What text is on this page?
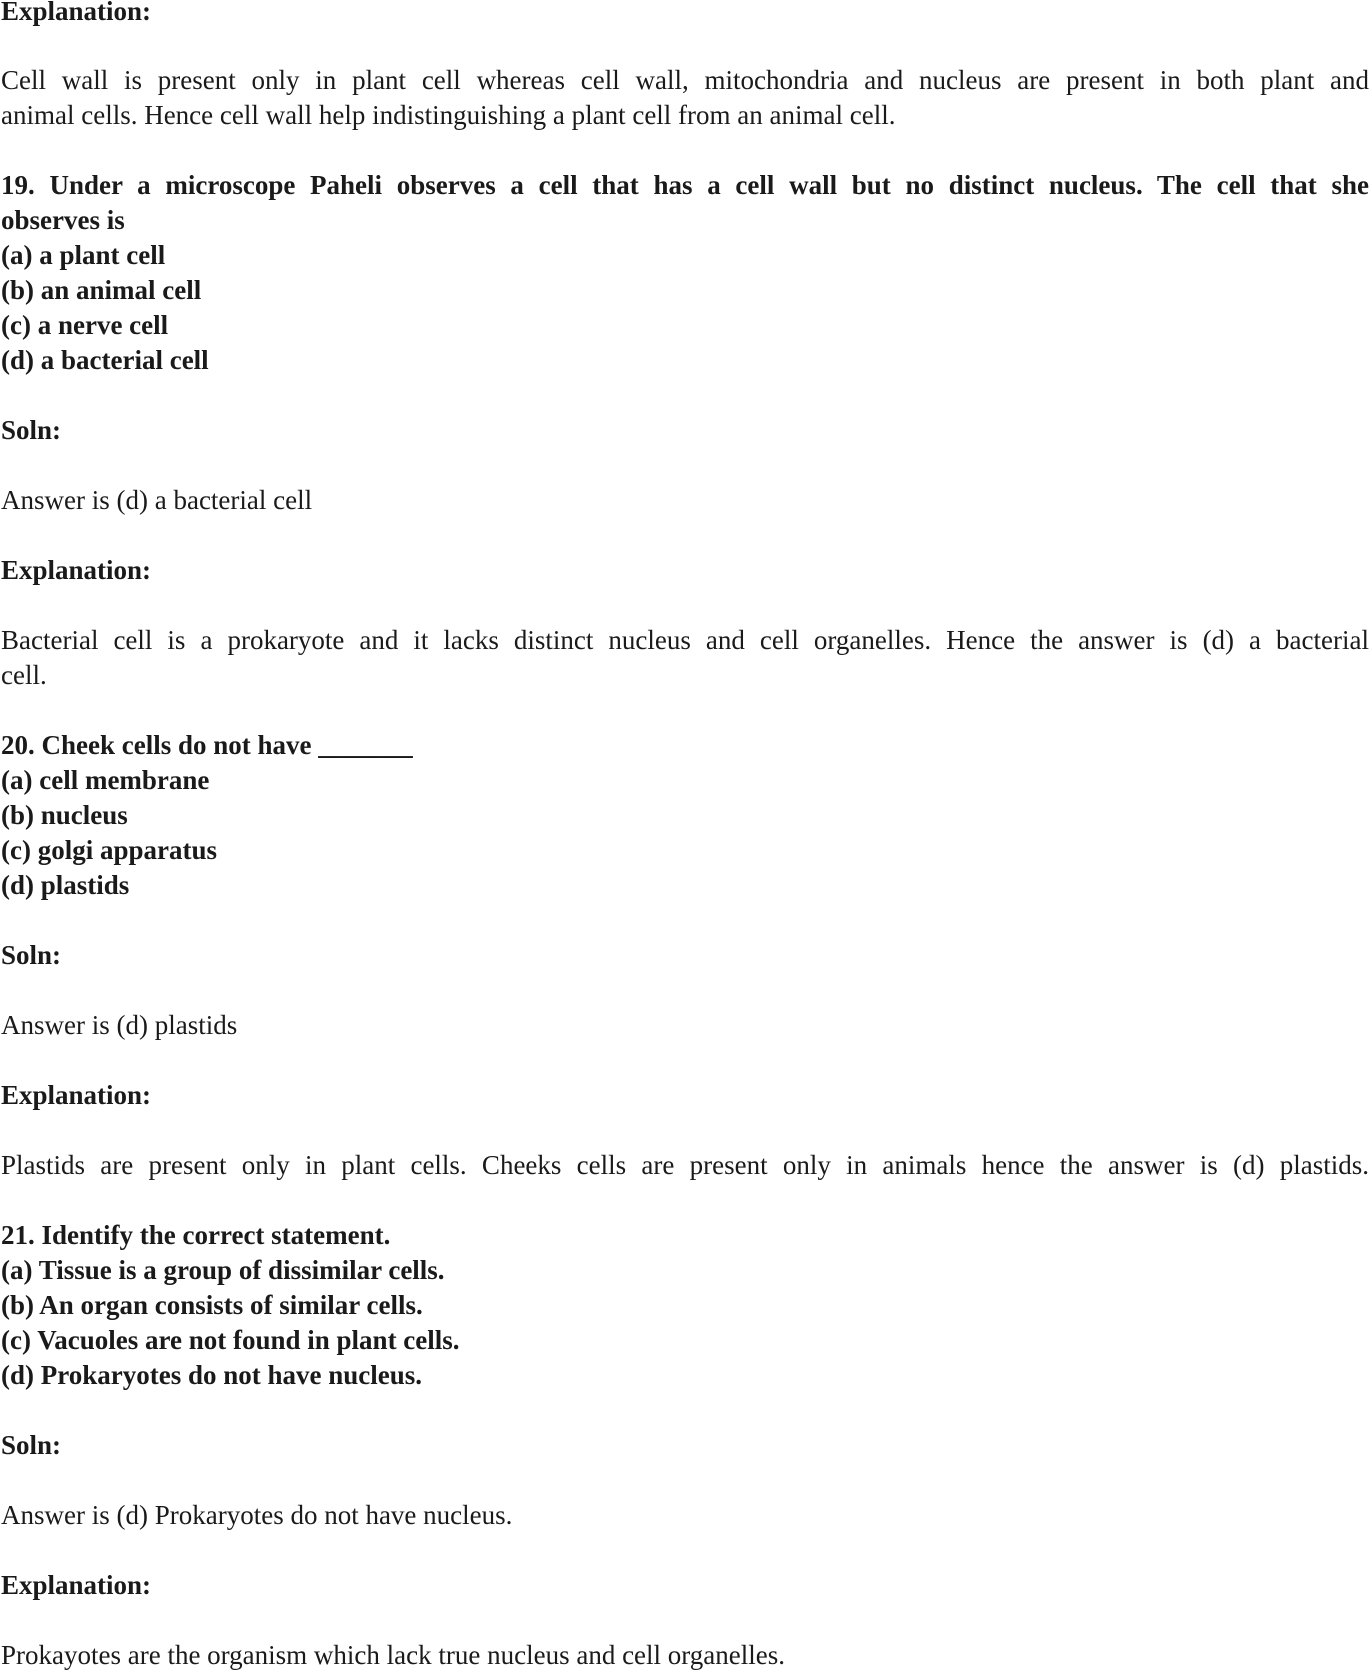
Explanation:

Cell wall is present only in plant cell whereas cell wall, mitochondria and nucleus are present in both plant and

animal cells. Hence cell wall help indistinguishing a plant cell from an animal cell.

19. Under a microscope Paheli observes a cell that has a cell wall but no distinct nucleus. The cell that she

observes is

(a) a plant cell

(b) an animal cell

(c) a nerve cell

(d) a bacterial cell

Soln:

Answer is (d) a bacterial cell

Explanation:

Bacterial cell is a prokaryote and it lacks distinct nucleus and cell organelles. Hence the answer is (d) a bacterial

cell.

20. Cheek cells do not have _______

(a) cell membrane

(b) nucleus

(c) golgi apparatus

(d) plastids

Soln:

Answer is (d) plastids

Explanation:

Plastids are present only in plant cells. Cheeks cells are present only in animals hence the answer is (d) plastids.

21. Identify the correct statement.

(a) Tissue is a group of dissimilar cells.

(b) An organ consists of similar cells.

(c) Vacuoles are not found in plant cells.

(d) Prokaryotes do not have nucleus.

Soln:

Answer is (d) Prokaryotes do not have nucleus.

Explanation:

Prokayotes are the organism which lack true nucleus and cell organelles.
